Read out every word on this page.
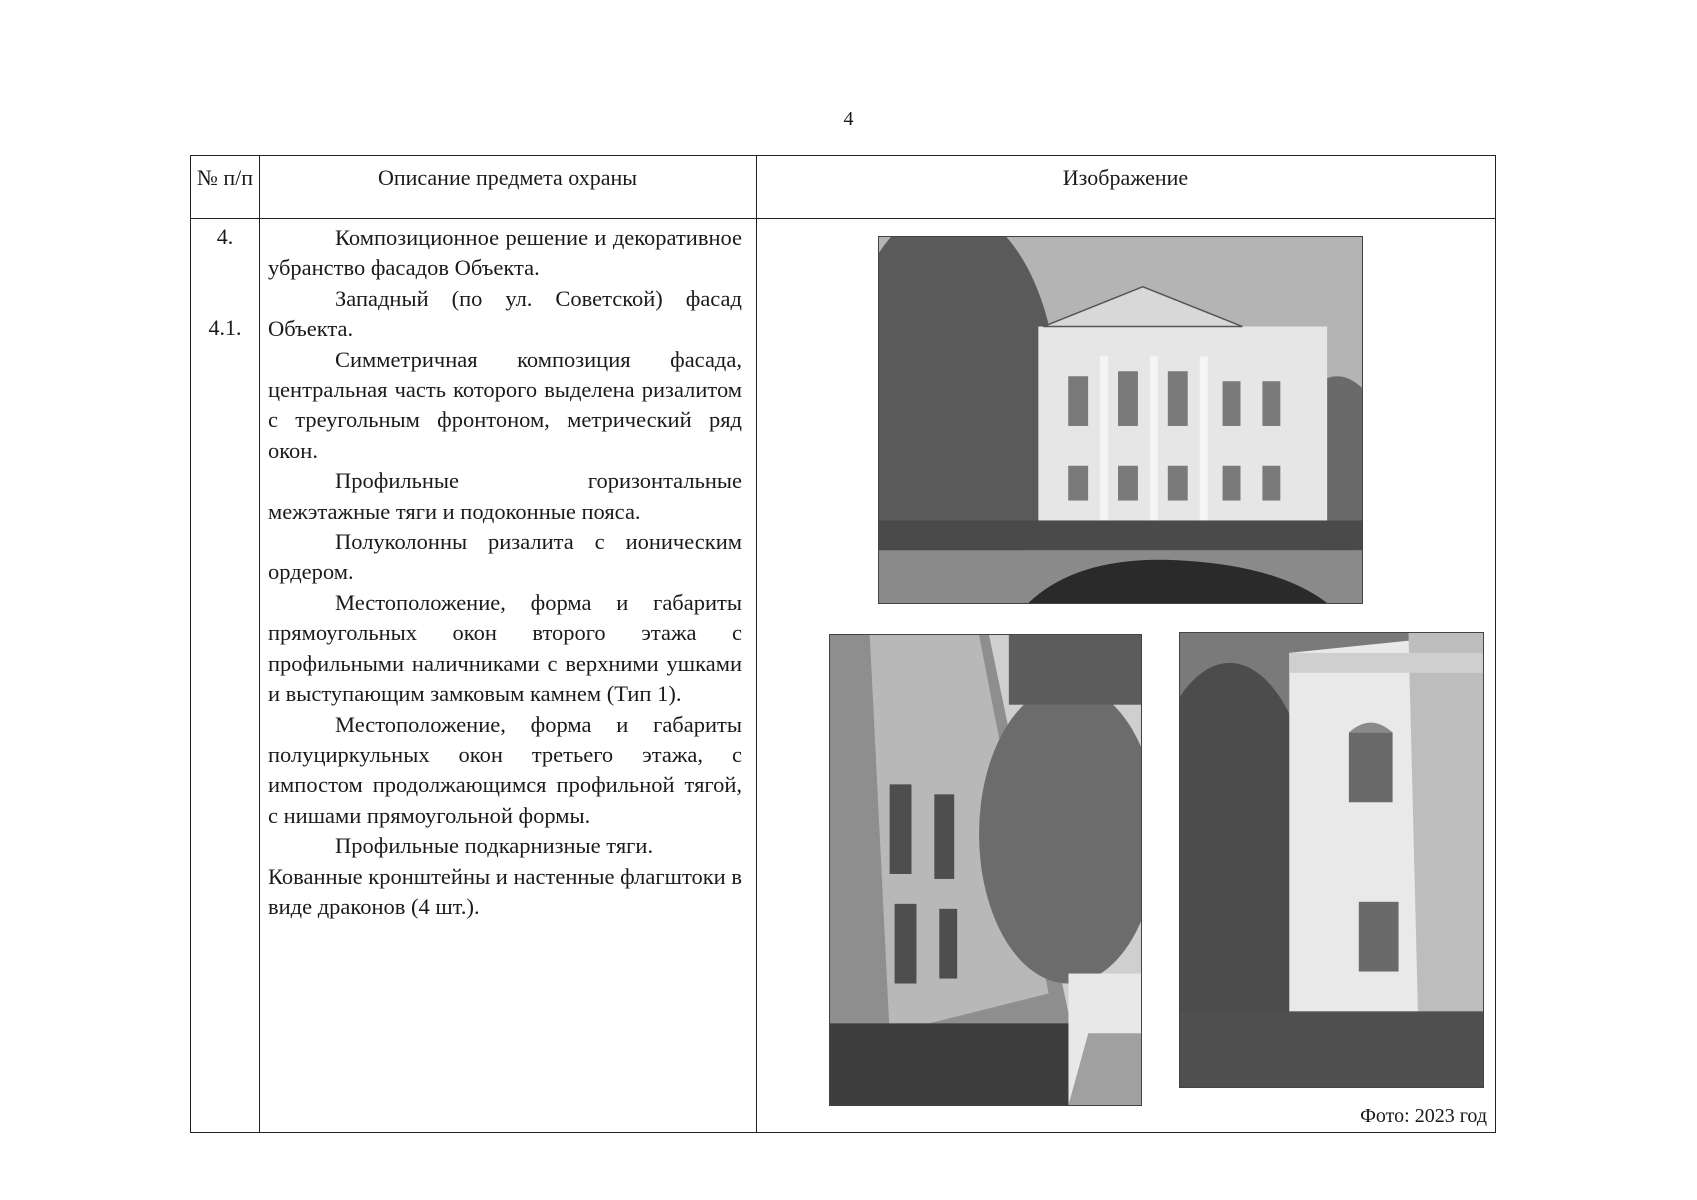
4
№ п/п	Описание предмета охраны	Изображение
4.
4.1.

Композиционное решение и декоративное убранство фасадов Объекта.

Западный (по ул. Советской) фасад Объекта.

Симметричная композиция фасада, центральная часть которого выделена ризалитом с треугольным фронтоном, метрический ряд окон.

Профильные горизонтальные межэтажные тяги и подоконные пояса.

Полуколонны ризалита с ионическим ордером.

Местоположение, форма и габариты прямоугольных окон второго этажа с профильными наличниками с верхними ушками и выступающим замковым камнем (Тип 1).

Местоположение, форма и габариты полуциркульных окон третьего этажа, с импостом продолжающимся профильной тягой, с нишами прямоугольной формы.

Профильные подкарнизные тяги.

Кованные кронштейны и настенные флагштоки в виде драконов (4 шт.).

Фото: 2023 год
